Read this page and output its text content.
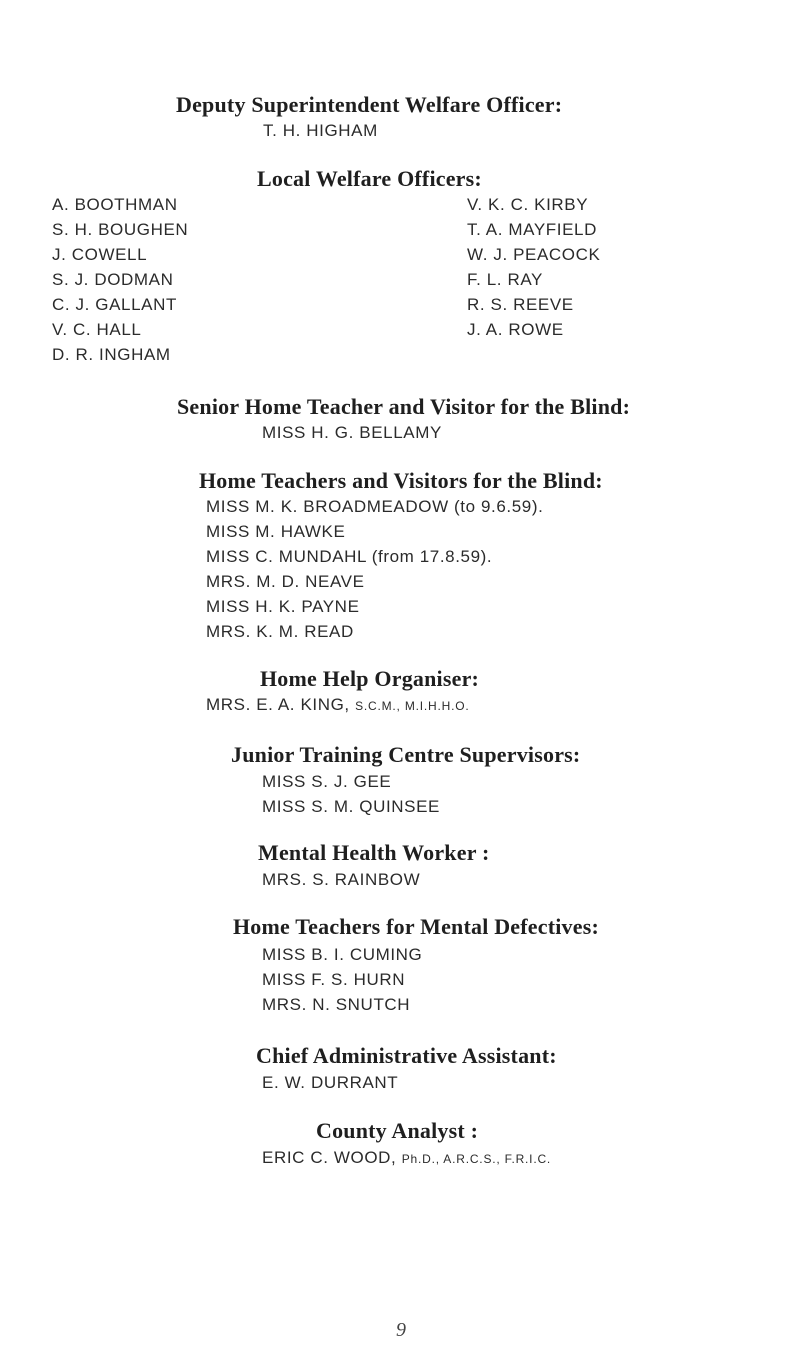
Deputy Superintendent Welfare Officer:
T. H. HIGHAM
Local Welfare Officers:
A. BOOTHMAN
S. H. BOUGHEN
J. COWELL
S. J. DODMAN
C. J. GALLANT
V. C. HALL
D. R. INGHAM
V. K. C. KIRBY
T. A. MAYFIELD
W. J. PEACOCK
F. L. RAY
R. S. REEVE
J. A. ROWE
Senior Home Teacher and Visitor for the Blind:
MISS H. G. BELLAMY
Home Teachers and Visitors for the Blind:
MISS M. K. BROADMEADOW (to 9.6.59).
MISS M. HAWKE
MISS C. MUNDAHL (from 17.8.59).
MRS. M. D. NEAVE
MISS H. K. PAYNE
MRS. K. M. READ
Home Help Organiser:
MRS. E. A. KING, S.C.M., M.I.H.H.O.
Junior Training Centre Supervisors:
MISS S. J. GEE
MISS S. M. QUINSEE
Mental Health Worker :
MRS. S. RAINBOW
Home Teachers for Mental Defectives:
MISS B. I. CUMING
MISS F. S. HURN
MRS. N. SNUTCH
Chief Administrative Assistant:
E. W. DURRANT
County Analyst :
ERIC C. WOOD, Ph.D., A.R.C.S., F.R.I.C.
9
